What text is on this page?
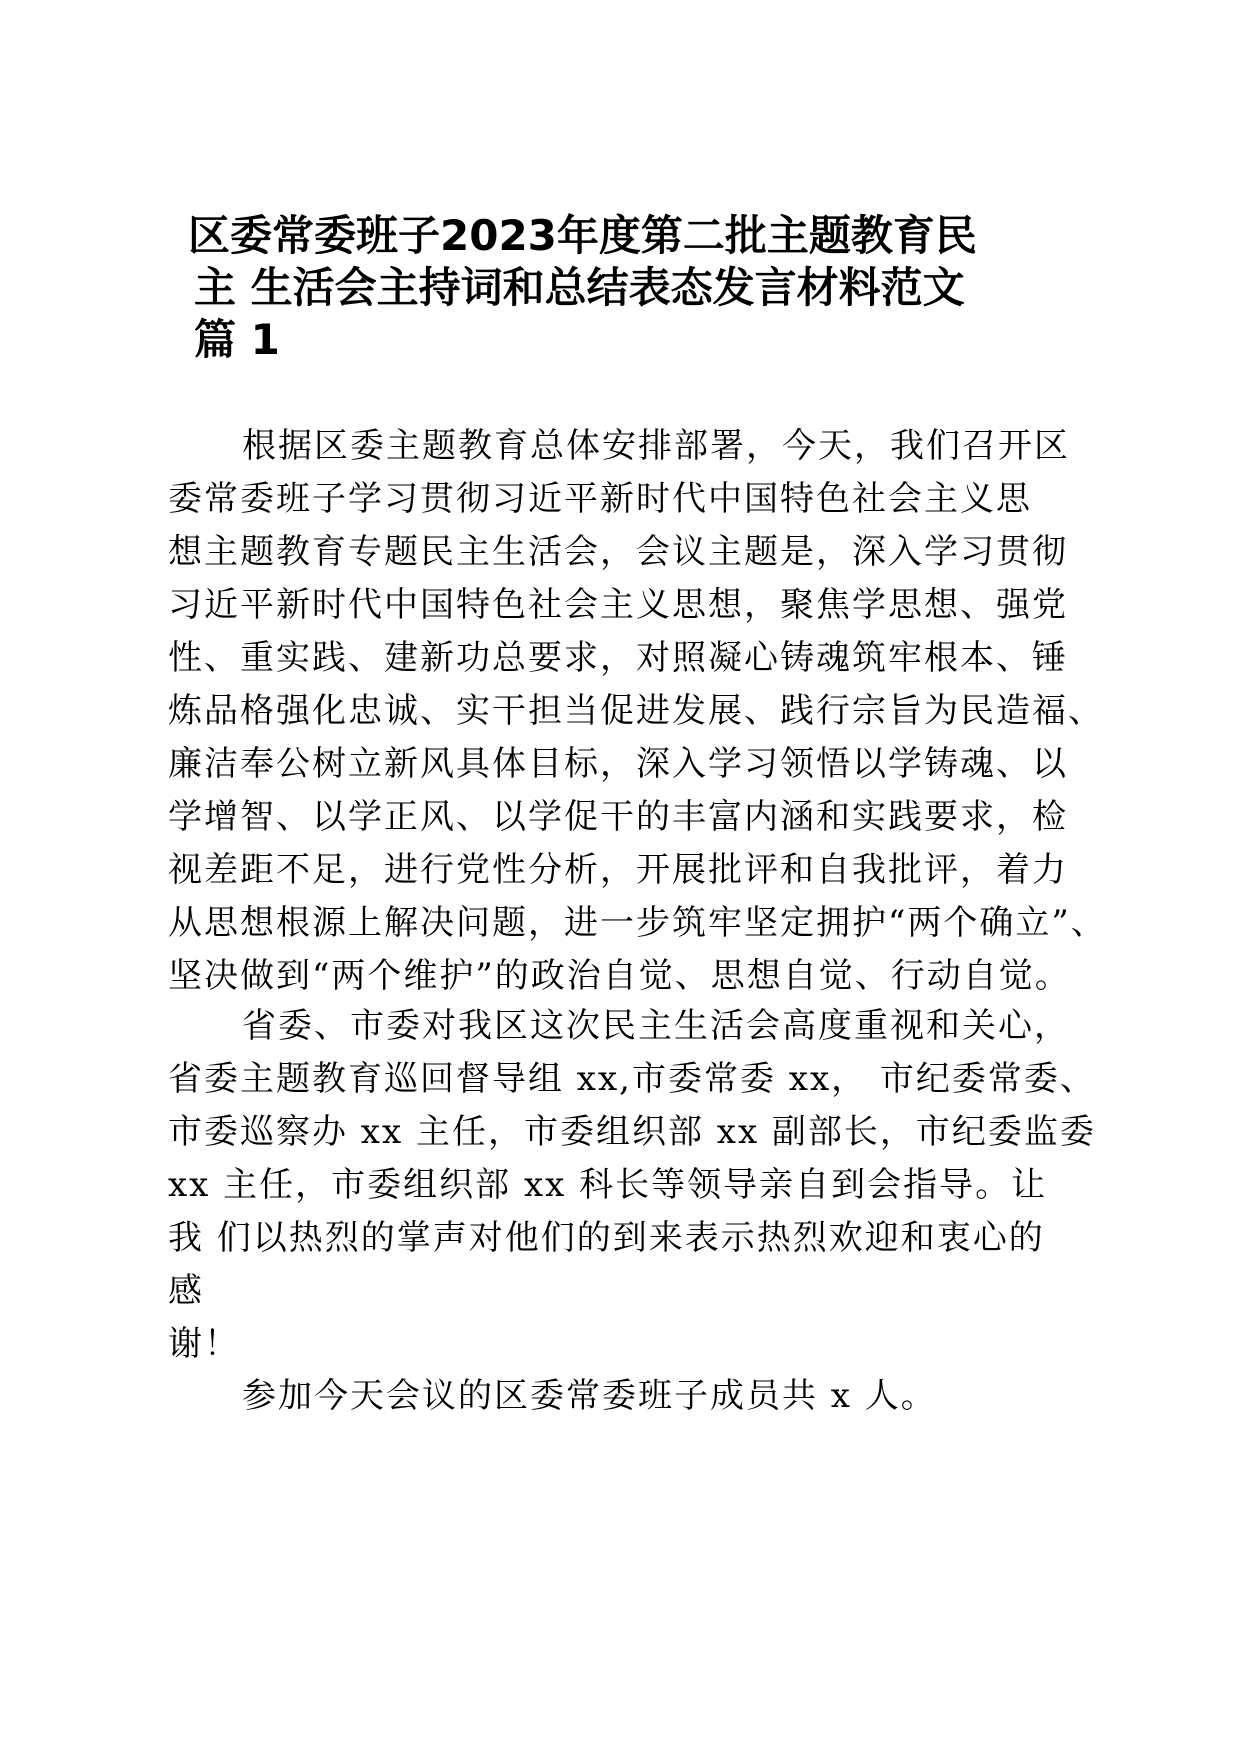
区委常委班子2023年度第二批主题教育民
主 生活会主持词和总结表态发言材料范文
篇 1
根据区委主题教育总体安排部署，今天，我们召开区
委常委班子学习贯彻习近平新时代中国特色社会主义思
想主题教育专题民主生活会，会议主题是，深入学习贯彻
习近平新时代中国特色社会主义思想，聚焦学思想、强党
性、重实践、建新功总要求，对照凝心铸魂筑牢根本、锤
炼品格强化忠诚、实干担当促进发展、践行宗旨为民造福、
廉洁奉公树立新风具体目标，深入学习领悟以学铸魂、以
学增智、以学正风、以学促干的丰富内涵和实践要求，检
视差距不足，进行党性分析，开展批评和自我批评，着力
从思想根源上解决问题，进一步筑牢坚定拥护“两个确立”、
坚决做到“两个维护”的政治自觉、思想自觉、行动自觉。
省委、市委对我区这次民主生活会高度重视和关心，
省委主题教育巡回督导组 xx,市委常委 xx， 市纪委常委、
市委巡察办 xx 主任，市委组织部 xx 副部长，市纪委监委
xx 主任，市委组织部 xx 科长等领导亲自到会指导。让
我 们以热烈的掌声对他们的到来表示热烈欢迎和衷心的
感
谢！
参加今天会议的区委常委班子成员共 x 人。
